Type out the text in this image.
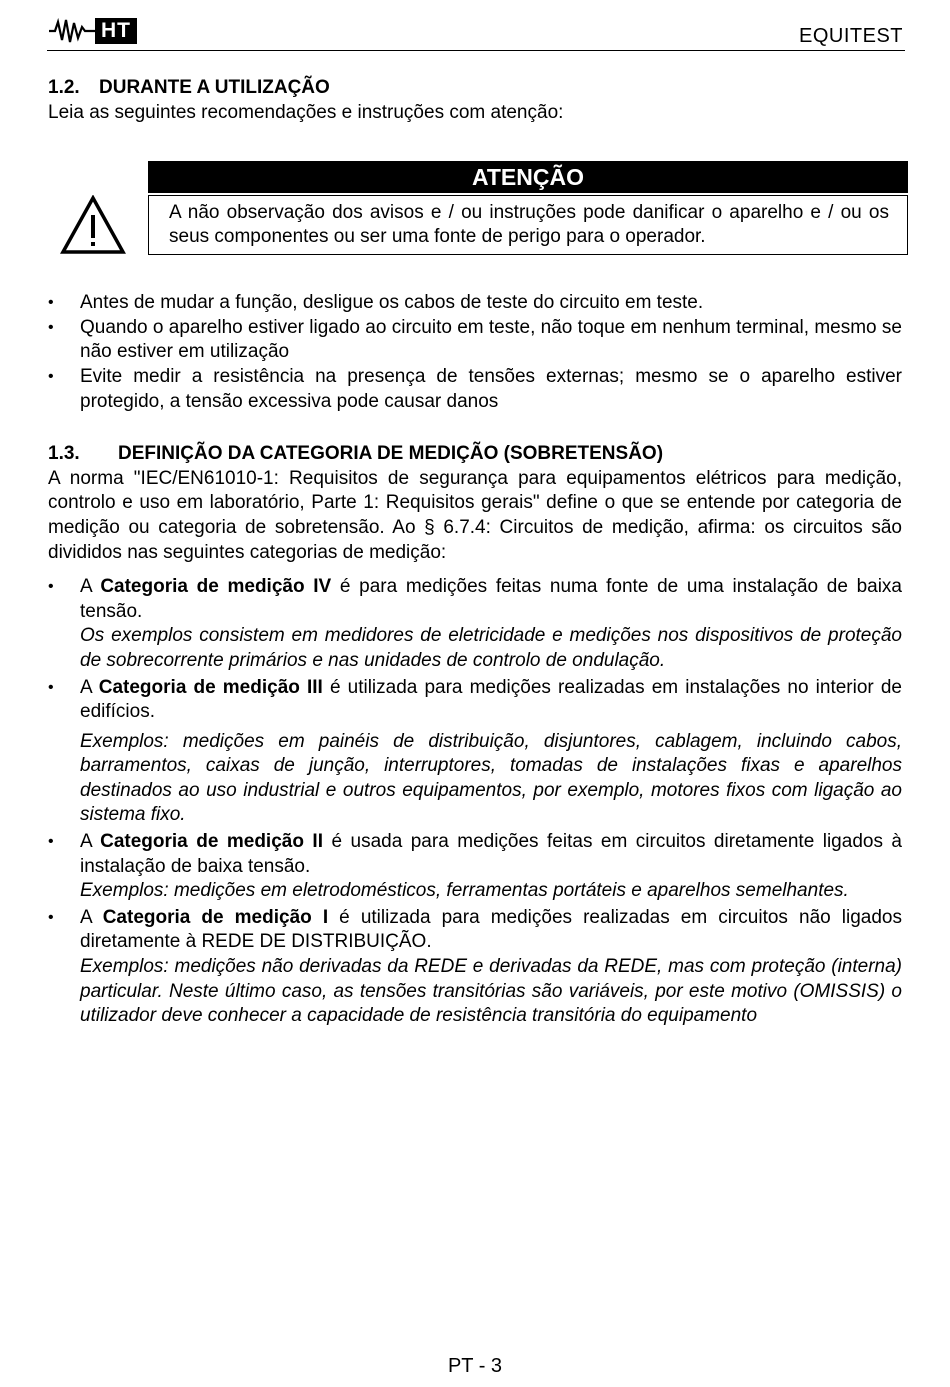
HT	EQUITEST
1.2. DURANTE A UTILIZAÇÃO

Leia as seguintes recomendações e instruções com atenção:

ATENÇÃO
A não observação dos avisos e / ou instruções pode danificar o aparelho e / ou os seus componentes ou ser uma fonte de perigo para o operador.
• Antes de mudar a função, desligue os cabos de teste do circuito em teste.
• Quando o aparelho estiver ligado ao circuito em teste, não toque em nenhum terminal, mesmo se não estiver em utilização
• Evite medir a resistência na presença de tensões externas; mesmo se o aparelho estiver protegido, a tensão excessiva pode causar danos
1.3. DEFINIÇÃO DA CATEGORIA DE MEDIÇÃO (SOBRETENSÃO)

A norma "IEC/EN61010-1: Requisitos de segurança para equipamentos elétricos para medição, controlo e uso em laboratório, Parte 1: Requisitos gerais" define o que se entende por categoria de medição ou categoria de sobretensão. Ao § 6.7.4: Circuitos de medição, afirma: os circuitos são divididos nas seguintes categorias de medição:

• A Categoria de medição IV é para medições feitas numa fonte de uma instalação de baixa tensão.

Os exemplos consistem em medidores de eletricidade e medições nos dispositivos de proteção de sobrecorrente primários e nas unidades de controlo de ondulação.

• A Categoria de medição III é utilizada para medições realizadas em instalações no interior de edifícios.

Exemplos: medições em painéis de distribuição, disjuntores, cablagem, incluindo cabos, barramentos, caixas de junção, interruptores, tomadas de instalações fixas e aparelhos destinados ao uso industrial e outros equipamentos, por exemplo, motores fixos com ligação ao sistema fixo.

• A Categoria de medição II é usada para medições feitas em circuitos diretamente ligados à instalação de baixa tensão.

Exemplos: medições em eletrodomésticos, ferramentas portáteis e aparelhos semelhantes.

• A Categoria de medição I é utilizada para medições realizadas em circuitos não ligados diretamente à REDE DE DISTRIBUIÇÃO.

Exemplos: medições não derivadas da REDE e derivadas da REDE, mas com proteção (interna) particular. Neste último caso, as tensões transitórias são variáveis, por este motivo (OMISSIS) o utilizador deve conhecer a capacidade de resistência transitória do equipamento

PT - 3
